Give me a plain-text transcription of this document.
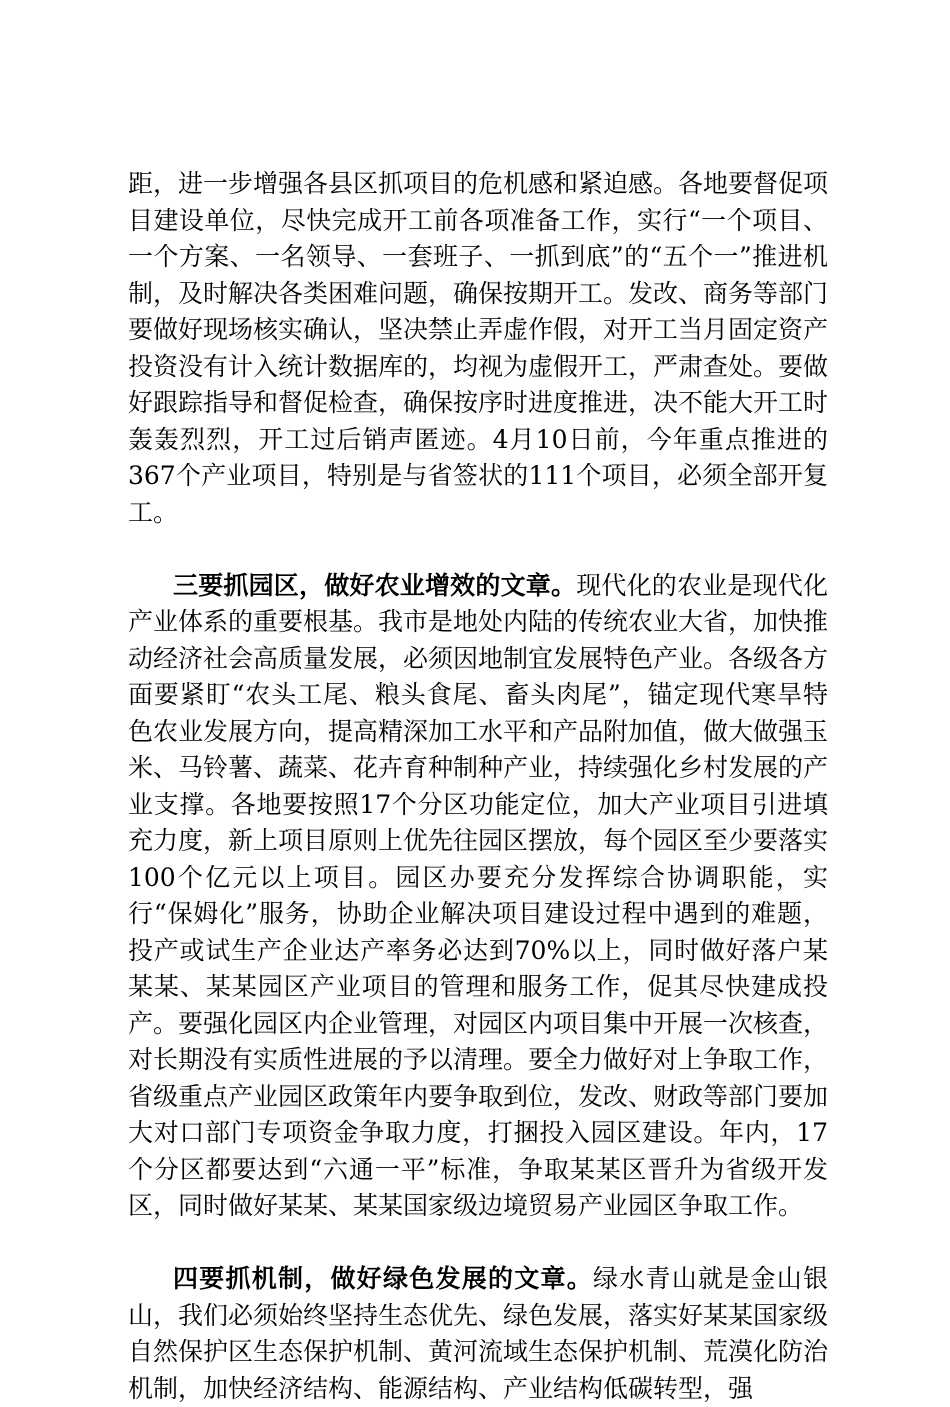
距，进一步增强各县区抓项目的危机感和紧迫感。各地要督促项目建设单位，尽快完成开工前各项准备工作，实行“一个项目、一个方案、一名领导、一套班子、一抓到底”的“五个一”推进机制，及时解决各类困难问题，确保按期开工。发改、商务等部门要做好现场核实确认，坚决禁止弄虚作假，对开工当月固定资产投资没有计入统计数据库的，均视为虚假开工，严肃查处。要做好跟踪指导和督促检查，确保按序时进度推进，决不能大开工时轰轰烈烈，开工过后销声匿迹。4月10日前，今年重点推进的367个产业项目，特别是与省签状的111个项目，必须全部开复工。

三要抓园区，做好农业增效的文章。现代化的农业是现代化产业体系的重要根基。我市是地处内陆的传统农业大省，加快推动经济社会高质量发展，必须因地制宜发展特色产业。各级各方面要紧盯“农头工尾、粮头食尾、畜头肉尾”，锚定现代寒旱特色农业发展方向，提高精深加工水平和产品附加值，做大做强玉米、马铃薯、蔬菜、花卉育种制种产业，持续强化乡村发展的产业支撑。各地要按照17个分区功能定位，加大产业项目引进填充力度，新上项目原则上优先往园区摆放，每个园区至少要落实100个亿元以上项目。园区办要充分发挥综合协调职能，实行“保姆化”服务，协助企业解决项目建设过程中遇到的难题，投产或试生产企业达产率务必达到70%以上，同时做好落户某某某、某某园区产业项目的管理和服务工作，促其尽快建成投产。要强化园区内企业管理，对园区内项目集中开展一次核查，对长期没有实质性进展的予以清理。要全力做好对上争取工作，省级重点产业园区政策年内要争取到位，发改、财政等部门要加大对口部门专项资金争取力度，打捆投入园区建设。年内，17个分区都要达到“六通一平”标准，争取某某区晋升为省级开发区，同时做好某某、某某国家级边境贸易产业园区争取工作。

四要抓机制，做好绿色发展的文章。绿水青山就是金山银山，我们必须始终坚持生态优先、绿色发展，落实好某某国家级自然保护区生态保护机制、黄河流域生态保护机制、荒漠化防治机制，加快经济结构、能源结构、产业结构低碳转型，强
